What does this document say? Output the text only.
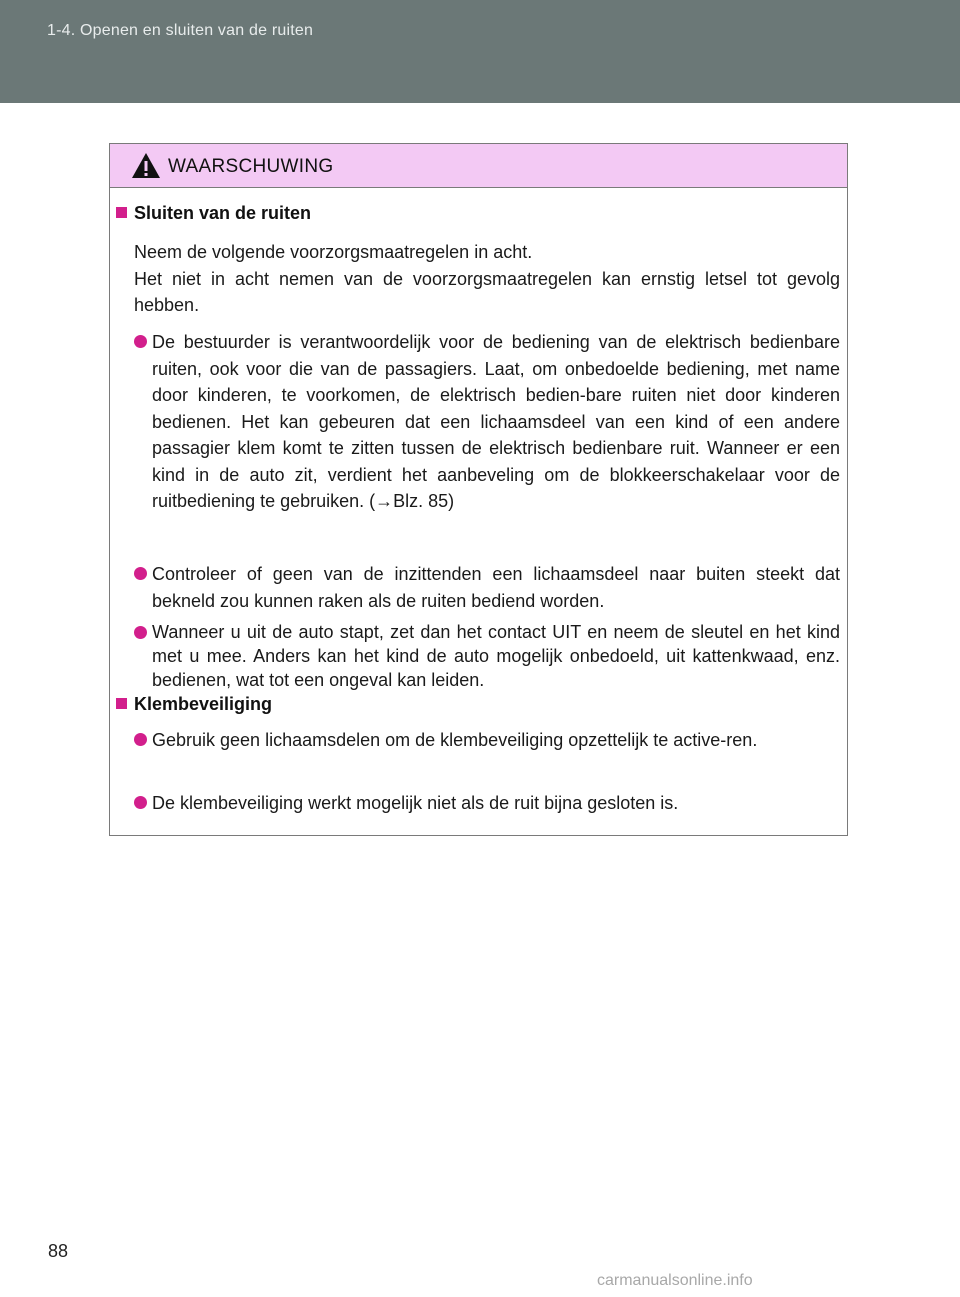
1-4. Openen en sluiten van de ruiten
WAARSCHUWING
Sluiten van de ruiten
Neem de volgende voorzorgsmaatregelen in acht.
Het niet in acht nemen van de voorzorgsmaatregelen kan ernstig letsel tot gevolg hebben.
De bestuurder is verantwoordelijk voor de bediening van de elektrisch bedienbare ruiten, ook voor die van de passagiers. Laat, om onbedoelde bediening, met name door kinderen, te voorkomen, de elektrisch bedien-bare ruiten niet door kinderen bedienen. Het kan gebeuren dat een lichaamsdeel van een kind of een andere passagier klem komt te zitten tussen de elektrisch bedienbare ruit. Wanneer er een kind in de auto zit, verdient het aanbeveling om de blokkeerschakelaar voor de ruitbediening te gebruiken. (→Blz. 85)
Controleer of geen van de inzittenden een lichaamsdeel naar buiten steekt dat bekneld zou kunnen raken als de ruiten bediend worden.
Wanneer u uit de auto stapt, zet dan het contact UIT en neem de sleutel en het kind met u mee. Anders kan het kind de auto mogelijk onbedoeld, uit kattenkwaad, enz. bedienen, wat tot een ongeval kan leiden.
Klembeveiliging
Gebruik geen lichaamsdelen om de klembeveiliging opzettelijk te active-ren.
De klembeveiliging werkt mogelijk niet als de ruit bijna gesloten is.
88
carmanualsonline.info
